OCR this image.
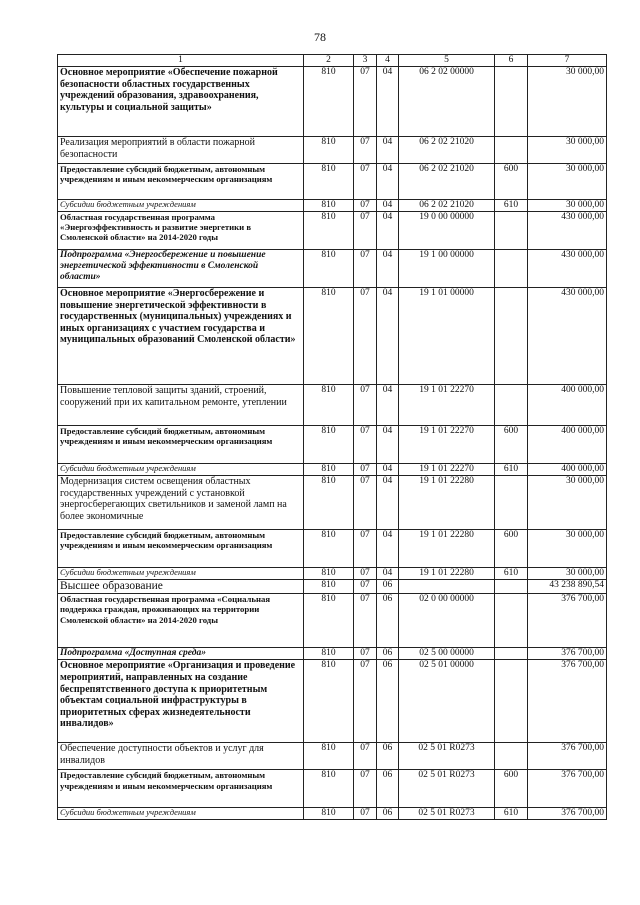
78
1	2	3	4	5	6	7
Основное мероприятие «Обеспечение пожарной безопасности областных государственных учреждений образования, здравоохранения, культуры и социальной защиты»	810	07	04	06 2 02 00000		30 000,00
Реализация мероприятий в области пожарной безопасности	810	07	04	06 2 02 21020		30 000,00
Предоставление субсидий бюджетным, автономным учреждениям и иным некоммерческим организациям	810	07	04	06 2 02 21020	600	30 000,00
Субсидии бюджетным учреждениям	810	07	04	06 2 02 21020	610	30 000,00
Областная государственная программа «Энергоэффективность и развитие энергетики в Смоленской области» на 2014-2020 годы	810	07	04	19 0 00 00000		430 000,00
Подпрограмма «Энергосбережение и повышение энергетической эффективности в Смоленской области»	810	07	04	19 1 00 00000		430 000,00
Основное мероприятие «Энергосбережение и повышение энергетической эффективности в государственных (муниципальных) учреждениях и иных организациях с участием государства и муниципальных образований Смоленской области»	810	07	04	19 1 01 00000		430 000,00
Повышение тепловой защиты зданий, строений, сооружений при их капитальном ремонте, утеплении	810	07	04	19 1 01 22270		400 000,00
Предоставление субсидий бюджетным, автономным учреждениям и иным некоммерческим организациям	810	07	04	19 1 01 22270	600	400 000,00
Субсидии бюджетным учреждениям	810	07	04	19 1 01 22270	610	400 000,00
Модернизация систем освещения областных государственных учреждений с установкой энергосберегающих светильников и заменой ламп на более экономичные	810	07	04	19 1 01 22280		30 000,00
Предоставление субсидий бюджетным, автономным учреждениям и иным некоммерческим организациям	810	07	04	19 1 01 22280	600	30 000,00
Субсидии бюджетным учреждениям	810	07	04	19 1 01 22280	610	30 000,00
Высшее образование	810	07	06			43 238 890,54
Областная государственная программа «Социальная поддержка граждан, проживающих на территории Смоленской области» на 2014-2020 годы	810	07	06	02 0 00 00000		376 700,00
Подпрограмма «Доступная среда»	810	07	06	02 5 00 00000		376 700,00
Основное мероприятие «Организация и проведение мероприятий, направленных на создание беспрепятственного доступа к приоритетным объектам социальной инфраструктуры в приоритетных сферах жизнедеятельности инвалидов»	810	07	06	02 5 01 00000		376 700,00
Обеспечение доступности объектов и услуг для инвалидов	810	07	06	02 5 01 R0273		376 700,00
Предоставление субсидий бюджетным, автономным учреждениям и иным некоммерческим организациям	810	07	06	02 5 01 R0273	600	376 700,00
Субсидии бюджетным учреждениям	810	07	06	02 5 01 R0273	610	376 700,00
